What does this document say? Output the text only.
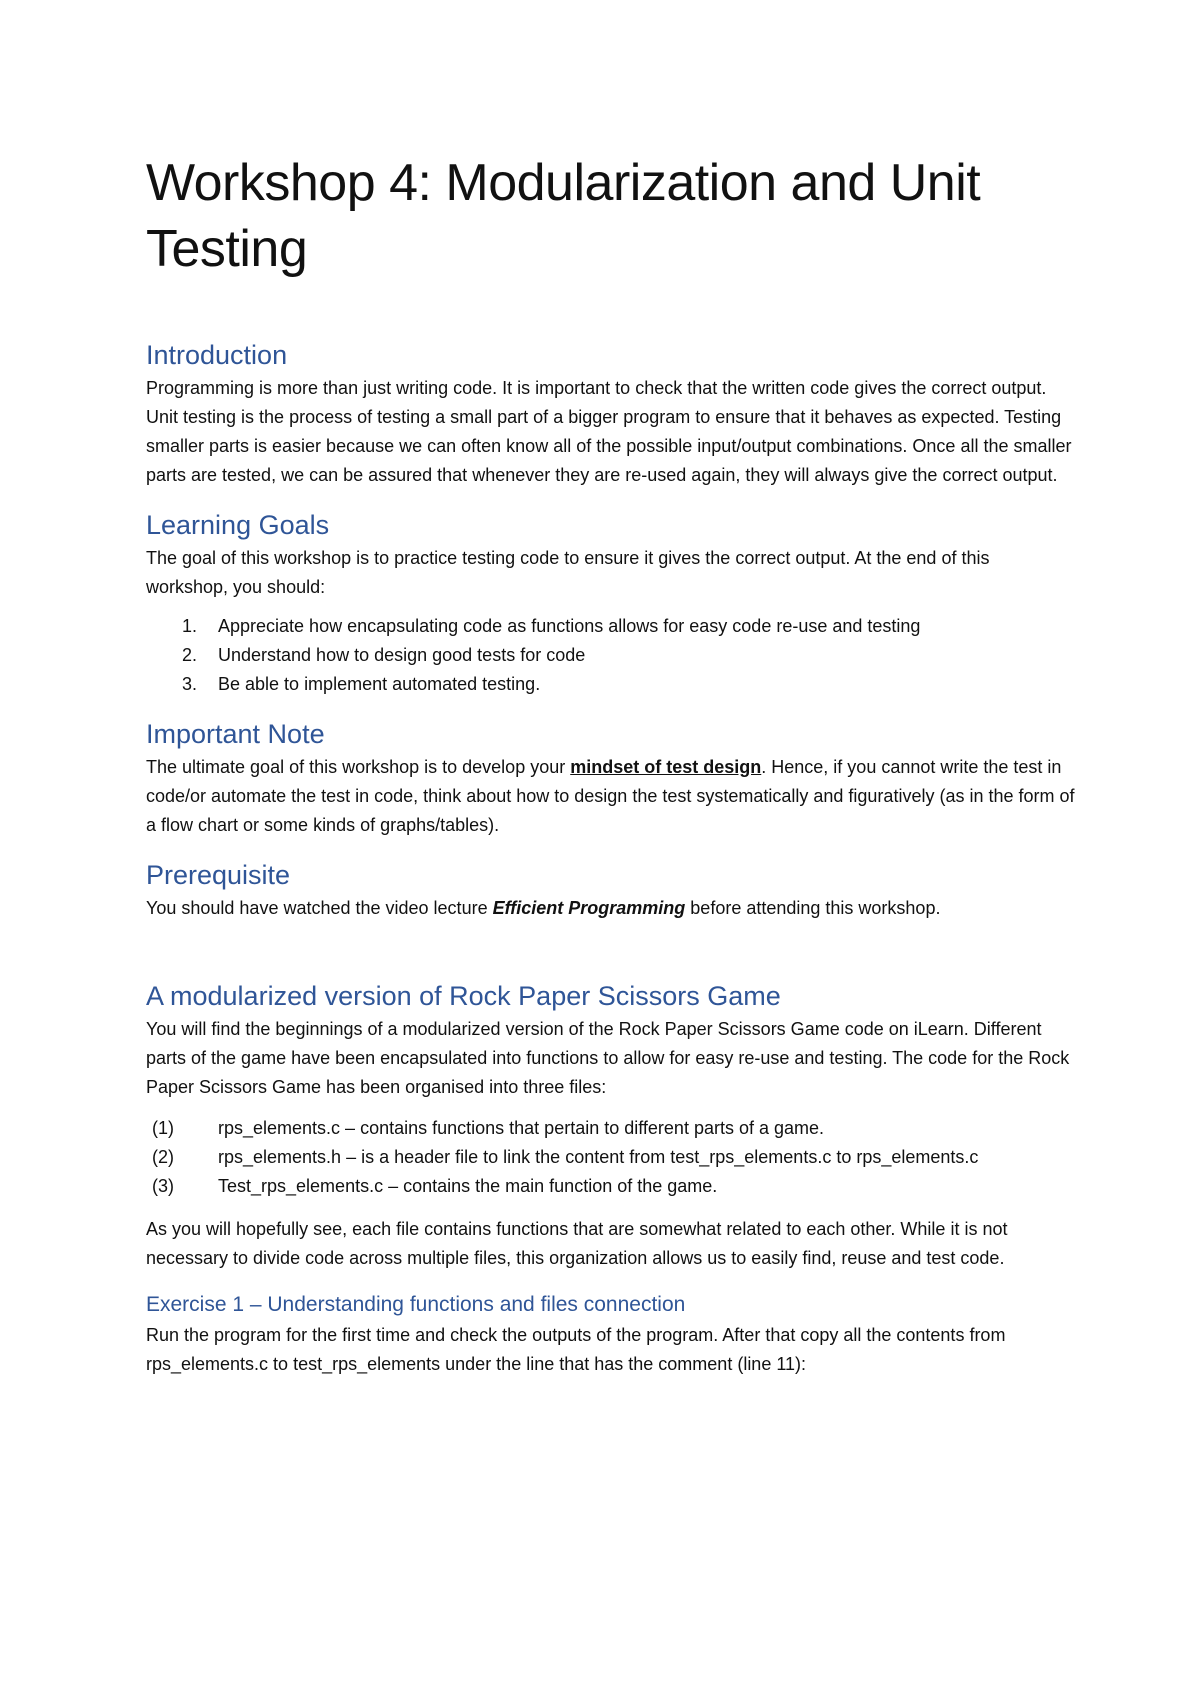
Workshop 4: Modularization and Unit Testing
Introduction

Programming is more than just writing code. It is important to check that the written code gives the correct output. Unit testing is the process of testing a small part of a bigger program to ensure that it behaves as expected. Testing smaller parts is easier because we can often know all of the possible input/output combinations. Once all the smaller parts are tested, we can be assured that whenever they are re-used again, they will always give the correct output.

Learning Goals

The goal of this workshop is to practice testing code to ensure it gives the correct output. At the end of this workshop, you should:

1. Appreciate how encapsulating code as functions allows for easy code re-use and testing
2. Understand how to design good tests for code
3. Be able to implement automated testing.
Important Note

The ultimate goal of this workshop is to develop your mindset of test design. Hence, if you cannot write the test in code/or automate the test in code, think about how to design the test systematically and figuratively (as in the form of a flow chart or some kinds of graphs/tables).

Prerequisite

You should have watched the video lecture Efficient Programming before attending this workshop.

A modularized version of Rock Paper Scissors Game

You will find the beginnings of a modularized version of the Rock Paper Scissors Game code on iLearn. Different parts of the game have been encapsulated into functions to allow for easy re-use and testing. The code for the Rock Paper Scissors Game has been organised into three files:

(1) rps_elements.c – contains functions that pertain to different parts of a game.
(2) rps_elements.h – is a header file to link the content from test_rps_elements.c to rps_elements.c
(3) Test_rps_elements.c – contains the main function of the game.

As you will hopefully see, each file contains functions that are somewhat related to each other. While it is not necessary to divide code across multiple files, this organization allows us to easily find, reuse and test code.

Exercise 1 – Understanding functions and files connection

Run the program for the first time and check the outputs of the program. After that copy all the contents from rps_elements.c to test_rps_elements under the line that has the comment (line 11):
